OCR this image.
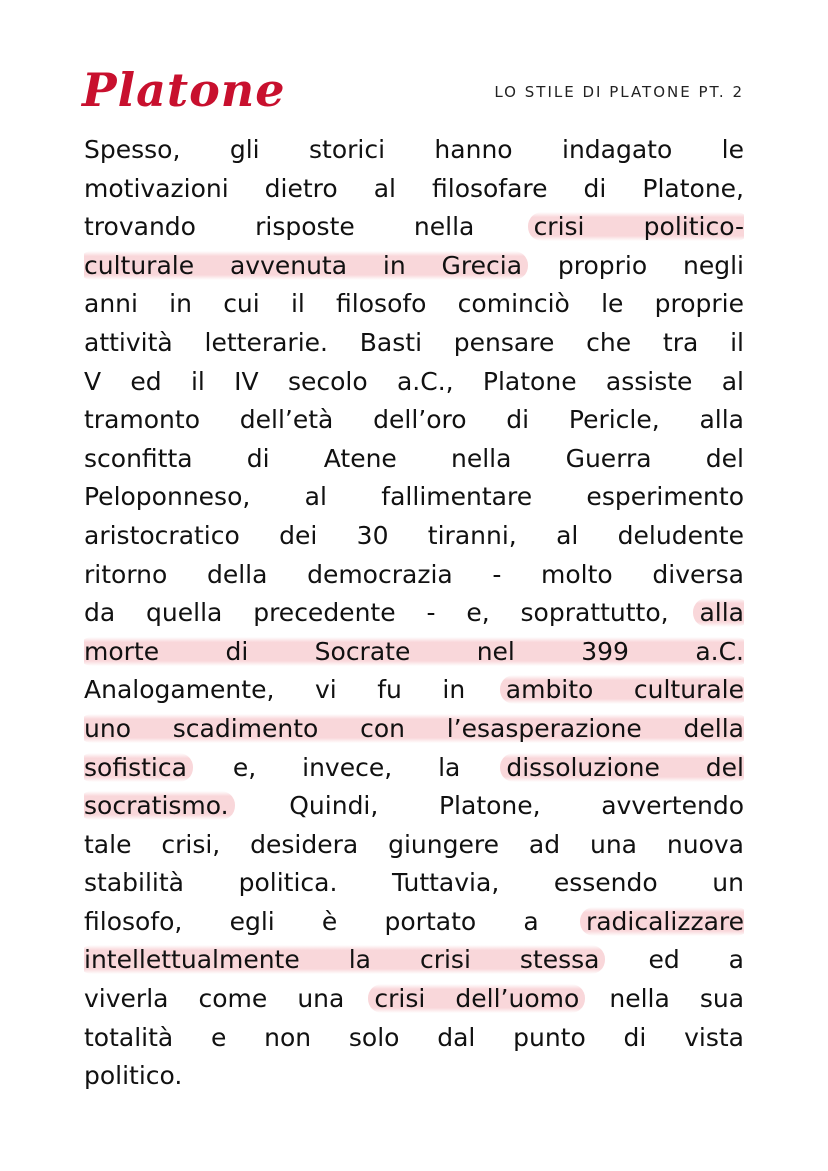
Platone	LO STILE DI PLATONE PT. 2
Spesso, gli storici hanno indagato le
motivazioni dietro al filosofare di Platone,
trovando risposte nella crisi politico-
culturale avvenuta in Grecia proprio negli
anni in cui il filosofo cominciò le proprie
attività letterarie. Basti pensare che tra il
V ed il IV secolo a.C., Platone assiste al
tramonto dell’età dell’oro di Pericle, alla
sconfitta di Atene nella Guerra del
Peloponneso, al fallimentare esperimento
aristocratico dei 30 tiranni, al deludente
ritorno della democrazia - molto diversa
da quella precedente - e, soprattutto, alla
morte di Socrate nel 399 a.C.
Analogamente, vi fu in ambito culturale
uno scadimento con l’esasperazione della
sofistica e, invece, la dissoluzione del
socratismo. Quindi, Platone, avvertendo
tale crisi, desidera giungere ad una nuova
stabilità politica. Tuttavia, essendo un
filosofo, egli è portato a radicalizzare
intellettualmente la crisi stessa ed a
viverla come una crisi dell’uomo nella sua
totalità e non solo dal punto di vista
politico.
